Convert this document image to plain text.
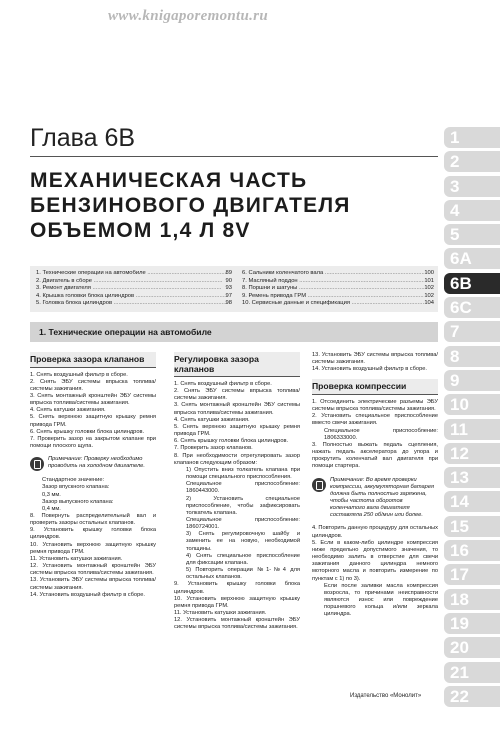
www.knigaporemontu.ru
Глава 6B
МЕХАНИЧЕСКАЯ ЧАСТЬ
БЕНЗИНОВОГО ДВИГАТЕЛЯ
ОБЪЕМОМ 1,4 Л 8V
1
2
3
4
5
6A
6B
6C
7
8
9
10
11
12
13
14
15
16
17
18
19
20
21
22
1. Технические операции на автомобиле .....	89
2. Двигатель в сборе .....	90
3. Ремонт двигателя .....	93
4. Крышка головки блока цилиндров .....	97
5. Головка блока цилиндров .....	98
6. Сальники коленчатого вала .....	100
7. Масляный поддон .....	101
8. Поршни и шатуны .....	102
9. Ремень привода ГРМ .....	102
10. Сервисные данные и спецификация .....	104
1. Технические операции на автомобиле
Проверка зазора клапанов

1. Снять воздушный фильтр в сборе.

2. Снять ЭБУ системы впрыска топлива/системы зажигания.

3. Снять монтажный кронштейн ЭБУ системы впрыска топлива/системы зажигания.

4. Снять катушки зажигания.

5. Снять верхнюю защитную крышку ремня привода ГРМ.

6. Снять крышку головки блока цилиндров.

7. Проверить зазор на закрытом клапане при помощи плоского щупа.

Примечание: Проверку необходимо проводить на холодном двигателе.

Стандартное значение:

Зазор впускного клапана:

0,3 мм.

Зазор выпускного клапана:

0,4 мм.

8. Повернуть распределительный вал и проверить зазоры остальных клапанов.

9. Установить крышку головки блока цилиндров.

10. Установить верхнюю защитную крышку ремня привода ГРМ.

11. Установить катушки зажигания.

12. Установить монтажный кронштейн ЭБУ системы впрыска топлива/системы зажигания.

13. Установить ЭБУ системы впрыска топлива/системы зажигания.

14. Установить воздушный фильтр в сборе.

Регулировка зазора клапанов

1. Снять воздушный фильтр в сборе.

2. Снять ЭБУ системы впрыска топлива/системы зажигания.

3. Снять монтажный кронштейн ЭБУ системы впрыска топлива/системы зажигания.

4. Снять катушки зажигания.

5. Снять верхнюю защитную крышку ремня привода ГРМ.

6. Снять крышку головки блока цилиндров.

7. Проверить зазор клапанов.

8. При необходимости отрегулировать зазор клапанов следующим образом:

1) Опустить вниз толкатель клапана при помощи специального приспособления.

Специальное приспособление: 1860443000.

2) Установить специальное приспособление, чтобы зафиксировать толкатель клапана.

Специальное приспособление: 1860724001.

3) Снять регулировочную шайбу и заменить ее на новую, необходимой толщины.

4) Снять специальное приспособление для фиксации клапана.

5) Повторить операции №1-№4 для остальных клапанов.

9. Установить крышку головки блока цилиндров.

10. Установить верхнюю защитную крышку ремня привода ГРМ.

11. Установить катушки зажигания.

12. Установить монтажный кронштейн ЭБУ системы впрыска топлива/системы зажигания.

13. Установить ЭБУ системы впрыска топлива/системы зажигания.

14. Установить воздушный фильтр в сборе.

Проверка компрессии

1. Отсоединить электрические разъемы ЭБУ системы впрыска топлива/системы зажигания.

2. Установить специальное приспособление вместо свечи зажигания.

Специальное приспособление: 1806333000.

3. Полностью выжать педаль сцепления, нажать педаль акселератора до упора и прокрутить коленчатый вал двигателя при помощи стартера.

Примечание: Во время проверки компрессии, аккумуляторная батарея должна быть полностью заряжена, чтобы частота оборотов коленчатого вала двигателя составляла 250 об/мин или более.

4. Повторить данную процедуру для остальных цилиндров.

5. Если в каком-либо цилиндре компрессия ниже предельно допустимого значения, то необходимо залить в отверстие для свечи зажигания данного цилиндра немного моторного масла и повторить измерение по пунктам с 1) по 3).

Если после заливки масла компрессия возросла, то причинами неисправности являются износ или повреждение поршневого кольца и/или зеркала цилиндра.

Издательство «Монолит»
